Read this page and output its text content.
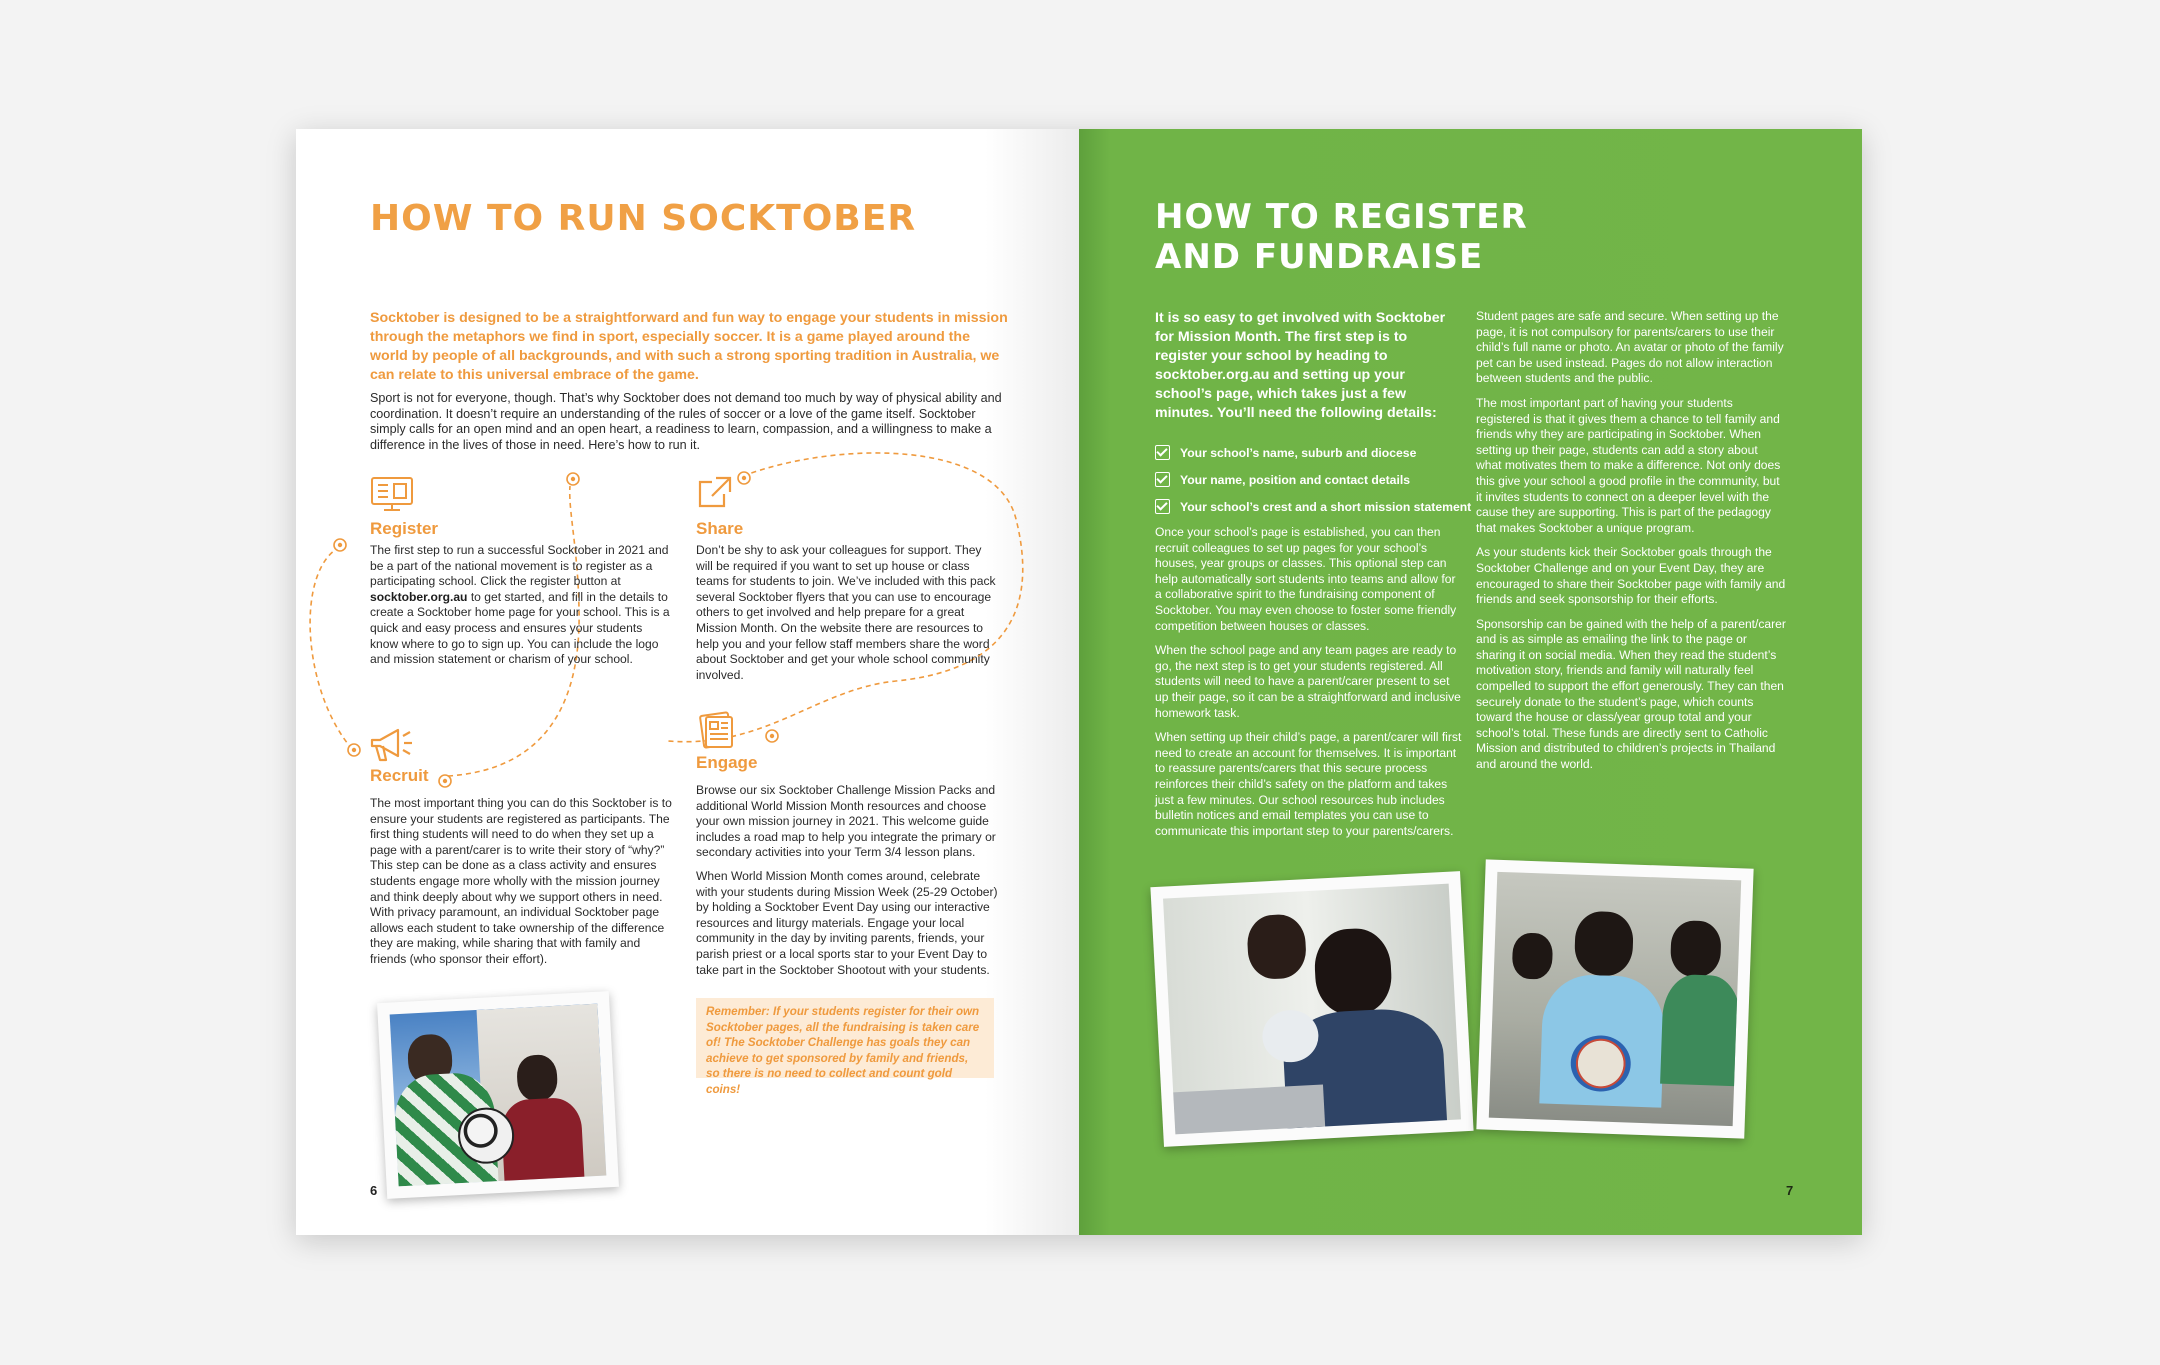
HOW TO RUN SOCKTOBER

Socktober is designed to be a straightforward and fun way to engage your students in mission through the metaphors we find in sport, especially soccer. It is a game played around the world by people of all backgrounds, and with such a strong sporting tradition in Australia, we can relate to this universal embrace of the game.

Sport is not for everyone, though. That’s why Socktober does not demand too much by way of physical ability and coordination. It doesn’t require an understanding of the rules of soccer or a love of the game itself. Socktober simply calls for an open mind and an open heart, a readiness to learn, compassion, and a willingness to make a difference in the lives of those in need. Here’s how to run it.

Register

The first step to run a successful Socktober in 2021 and be a part of the national movement is to register as a participating school. Click the register button at socktober.org.au to get started, and fill in the details to create a Socktober home page for your school. This is a quick and easy process and ensures your students know where to go to sign up. You can include the logo and mission statement or charism of your school.

Share

Don’t be shy to ask your colleagues for support. They will be required if you want to set up house or class teams for students to join. We’ve included with this pack several Socktober flyers that you can use to encourage others to get involved and help prepare for a great Mission Month. On the website there are resources to help you and your fellow staff members share the word about Socktober and get your whole school community involved.

Recruit

The most important thing you can do this Socktober is to ensure your students are registered as participants. The first thing students will need to do when they set up a page with a parent/carer is to write their story of “why?” This step can be done as a class activity and ensures students engage more wholly with the mission journey and think deeply about why we support others in need. With privacy paramount, an individual Socktober page allows each student to take ownership of the difference they are making, while sharing that with family and friends (who sponsor their effort).

Engage

Browse our six Socktober Challenge Mission Packs and additional World Mission Month resources and choose your own mission journey in 2021. This welcome guide includes a road map to help you integrate the primary or secondary activities into your Term 3/4 lesson plans.

When World Mission Month comes around, celebrate with your students during Mission Week (25-29 October) by holding a Socktober Event Day using our interactive resources and liturgy materials. Engage your local community in the day by inviting parents, friends, your parish priest or a local sports star to your Event Day to take part in the Socktober Shootout with your students.

Remember: If your students register for their own Socktober pages, all the fundraising is taken care of! The Socktober Challenge has goals they can achieve to get sponsored by family and friends, so there is no need to collect and count gold coins!

6

HOW TO REGISTER AND FUNDRAISE

It is so easy to get involved with Socktober for Mission Month. The first step is to register your school by heading to socktober.org.au and setting up your school’s page, which takes just a few minutes. You’ll need the following details:

Your school’s name, suburb and diocese
Your name, position and contact details
Your school’s crest and a short mission statement

Once your school’s page is established, you can then recruit colleagues to set up pages for your school’s houses, year groups or classes. This optional step can help automatically sort students into teams and allow for a collaborative spirit to the fundraising component of Socktober. You may even choose to foster some friendly competition between houses or classes.

When the school page and any team pages are ready to go, the next step is to get your students registered. All students will need to have a parent/carer present to set up their page, so it can be a straightforward and inclusive homework task.

When setting up their child’s page, a parent/carer will first need to create an account for themselves. It is important to reassure parents/carers that this secure process reinforces their child’s safety on the platform and takes just a few minutes. Our school resources hub includes bulletin notices and email templates you can use to communicate this important step to your parents/carers.

Student pages are safe and secure. When setting up the page, it is not compulsory for parents/carers to use their child’s full name or photo. An avatar or photo of the family pet can be used instead. Pages do not allow interaction between students and the public.

The most important part of having your students registered is that it gives them a chance to tell family and friends why they are participating in Socktober. When setting up their page, students can add a story about what motivates them to make a difference. Not only does this give your school a good profile in the community, but it invites students to connect on a deeper level with the cause they are supporting. This is part of the pedagogy that makes Socktober a unique program.

As your students kick their Socktober goals through the Socktober Challenge and on your Event Day, they are encouraged to share their Socktober page with family and friends and seek sponsorship for their efforts.

Sponsorship can be gained with the help of a parent/carer and is as simple as emailing the link to the page or sharing it on social media. When they read the student’s motivation story, friends and family will naturally feel compelled to support the effort generously. They can then securely donate to the student’s page, which counts toward the house or class/year group total and your school’s total. These funds are directly sent to Catholic Mission and distributed to children’s projects in Thailand and around the world.

7
